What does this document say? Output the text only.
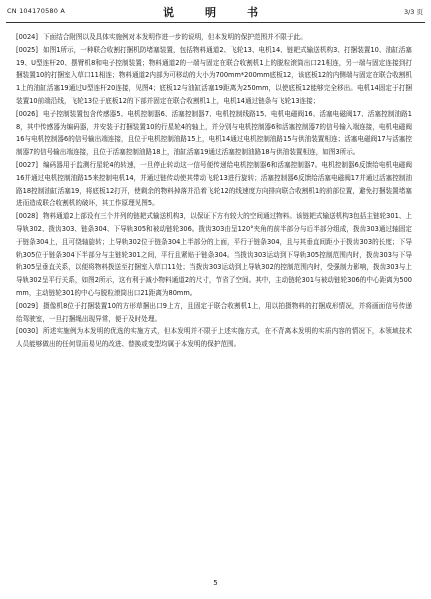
CN 104170580 A	说　明　书	3/3 页

[0024] 下面结合附图以及具体实施例对本发明作进一步的说明，但本发明的保护范围并不限于此。

[0025] 如图1所示，一种联合收割打捆机防堵塞装置，包括物料通道2、飞轮13、电机14、链耙式输送机构3、打捆装置10、油缸活塞19、U型连杆20、摆臂机8和电子控制装置；物料通道2的一端与固定在联合收割机1上的脱粒滚筒出口21相连，另一端与固定连接到打捆装置10的打捆室入草口11相连；物料通道2内部为可移动的大小为700mm*200mm底板12，该底板12的内侧端与固定在联合收割机1上的油缸活塞19通过U型连杆20连接，见图4；底板12与油缸活塞19距离为250mm，以使底板12能够完全移出。电机14固定于打捆装置10前端沿线，飞轮13位于底板12的下部并固定在联合收割机1上，电机14通过链条与飞轮13连接；

[0026] 电子控制装置包含传感器5、电机控制器6、活塞控制器7、电机控制线路15、电机电磁阀16、活塞电磁阀17、活塞控制油路18，其中传感器为编码器，并安装于打捆装置10的行星轮4的轴上，并分别与电机控制器6和活塞控制器7的信号输入端连接，电机电磁阀16与电机控制器6的信号输出端连接，且位于电机控制油路15上，电机14通过电机控制油路15与供油装置相连；活塞电磁阀17与活塞控制器7的信号输出端连接，且位于活塞控制油路18上，油缸活塞19通过活塞控制油路18与供油装置相连，如图3所示。

[0027] 编码器用于监测行星轮4的转速，一旦停止转动这一信号便传递给电机控制器6和活塞控制器7。电机控制器6反馈给电机电磁阀16并通过电机控制油路15来控制电机14，并通过链传动使其带动飞轮13进行旋转；活塞控制器6反馈给活塞电磁阀17并通过活塞控制油路18控制油缸活塞19，将底板12打开，使剩余的物料掉落并沿着飞轮12的线速度方向排向联合收割机1的前部位置，避免打捆装置堵塞进而造成联合收割机的破坏，其工作原理见图5。

[0028] 物料通道2上部设有三个并列的链耙式输送机构3，以保证下方有较大的空间通过物料。该链耙式输送机构3包括主链轮301、上导轨302、拨齿303、链条304、下导轨305和被动链轮306。拨齿303由呈120°夹角的前半部分与后半部分组成，拨齿303通过轴固定于链条304上，且可绕轴旋转；上导轨302位于链条304上半部分的上面，平行于链条304，且与其垂直间距小于拨齿303的长度；下导轨305位于链条304下半部分与主链轮301之间，平行且紧贴于链条304。当拨齿303运动到下导轨305控制范围内时，拨齿303与下导轨305呈垂直关系，以便将物料拨送至打捆室入草口11处；当拨齿303运动到上导轨302的控制范围内时，受强制力影响，拨齿303与上导轨302呈平行关系，如图2所示，这有利于减小物料通道2的尺寸，节省了空间。其中，主动链轮301与被动链轮306的中心距离为500mm，主动链轮301的中心与脱粒滚筒出口21距离为80mm。

[0029] 摄像机8位于打捆装置10的方形草捆出口9上方，且固定于联合收割机1上，用以拍摄物料的打捆成形情况，并将画面信号传递给驾驶室，一旦打捆绳出现异常，便于及时处理。

[0030] 所述实施例为本发明的优选的实施方式，但本发明并不限于上述实施方式，在不背离本发明的实质内容的情况下，本领域技术人员能够做出的任何显而易见的改进、替换或变型均属于本发明的保护范围。

5
